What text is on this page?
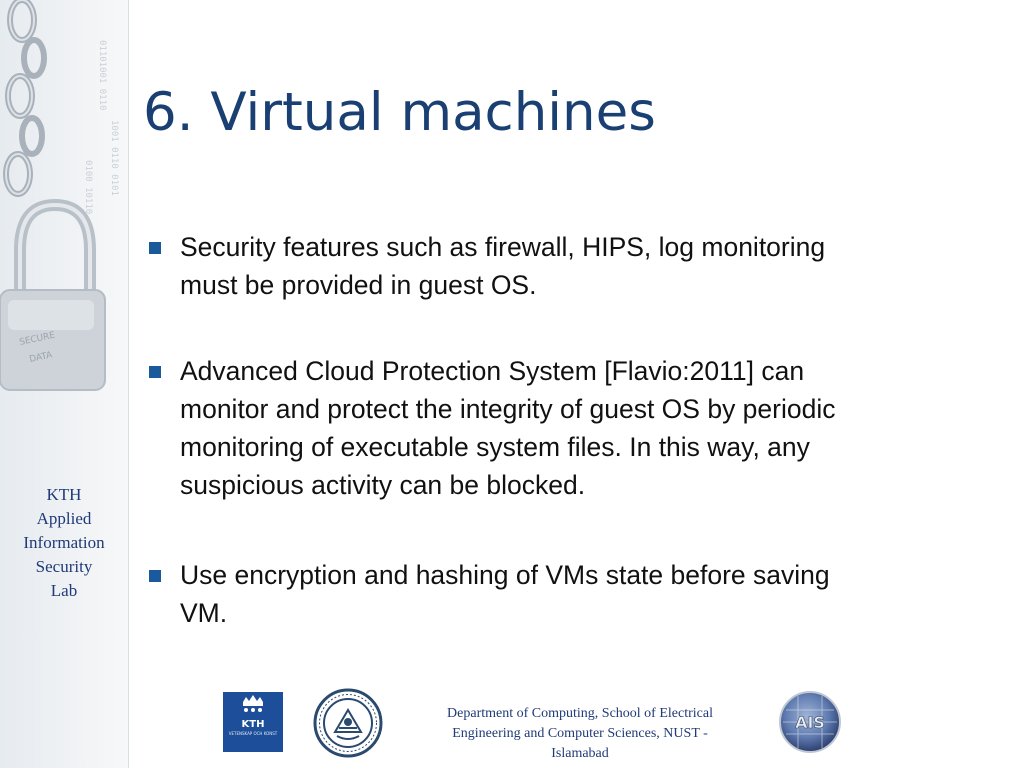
01101001 0110
1001 0110 0101
0100 10110
SECURE
DATA
KTH
Applied
Information
Security
Lab
6. Virtual machines
Security features such as firewall, HIPS, log monitoring
must be provided in guest OS.
Advanced Cloud Protection System [Flavio:2011] can
monitor and protect the integrity of guest OS by periodic
monitoring of executable system files. In this way, any
suspicious activity can be blocked.
Use encryption and hashing of VMs state before saving
VM.
KTH
VETENSKAP OCH KONST
Department of Computing, School of Electrical
Engineering and Computer Sciences, NUST -
Islamabad
AIS
